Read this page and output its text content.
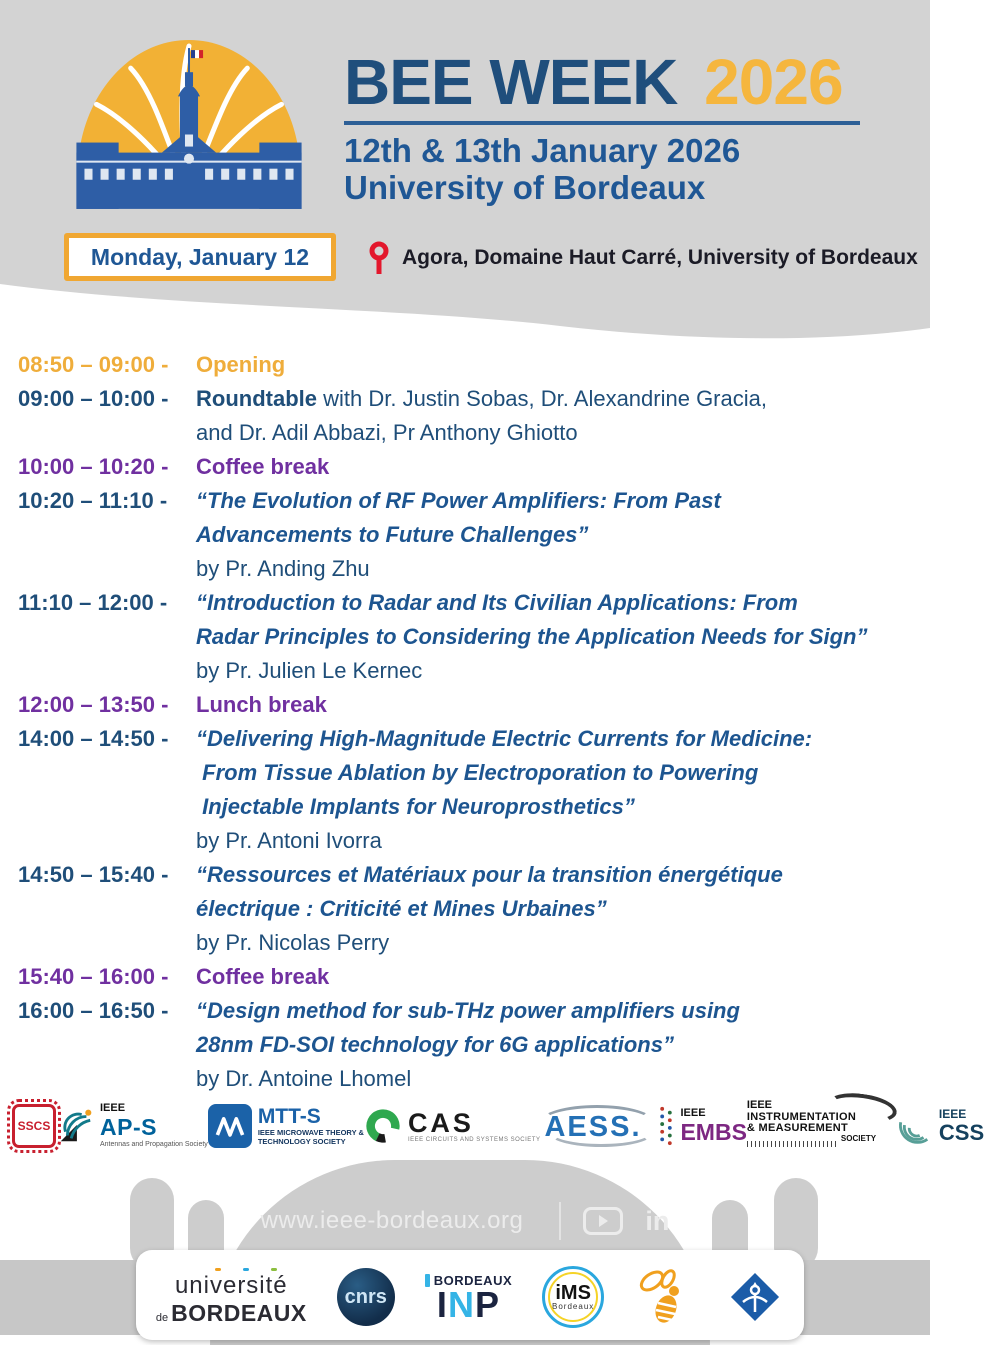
BEE WEEK 2026
12th & 13th January 2026
University of Bordeaux
Monday, January 12	Agora, Domaine Haut Carré, University of Bordeaux
08:50 – 09:00 -	Opening
09:00 – 10:00 -	Roundtable with Dr. Justin Sobas, Dr. Alexandrine Gracia,
and Dr. Adil Abbazi, Pr Anthony Ghiotto
10:00 – 10:20 -	Coffee break
10:20 – 11:10 -	“The Evolution of RF Power Amplifiers: From Past
Advancements to Future Challenges”
by Pr. Anding Zhu
11:10 – 12:00 -	“Introduction to Radar and Its Civilian Applications: From
Radar Principles to Considering the Application Needs for Sign”
by Pr. Julien Le Kernec
12:00 – 13:50 -	Lunch break
14:00 – 14:50 -	“Delivering High-Magnitude Electric Currents for Medicine:
From Tissue Ablation by Electroporation to Powering
Injectable Implants for Neuroprosthetics”
by Pr. Antoni Ivorra
14:50 – 15:40 -	“Ressources et Matériaux pour la transition énergétique
électrique : Criticité et Mines Urbaines”
by Pr. Nicolas Perry
15:40 – 16:00 -	Coffee break
16:00 – 16:50 -	“Design method for sub-THz power amplifiers using
28nm FD-SOI technology for 6G applications”
by Dr. Antoine Lhomel
SSCS
IEEE
AP-S
Antennas and Propagation Society
MTT-S
IEEE MICROWAVE THEORY &
TECHNOLOGY SOCIETY
CAS
IEEE CIRCUITS AND SYSTEMS SOCIETY AESS.	IEEE
EMBS
IEEE
INSTRUMENTATION
& MEASUREMENT
$^{SOCIETY}$
IEEE
CSS
www.ieee-bordeaux.org	in
université
de BORDEAUX
cnrs
BORDEAUX
INP	iMS
Bordeaux
